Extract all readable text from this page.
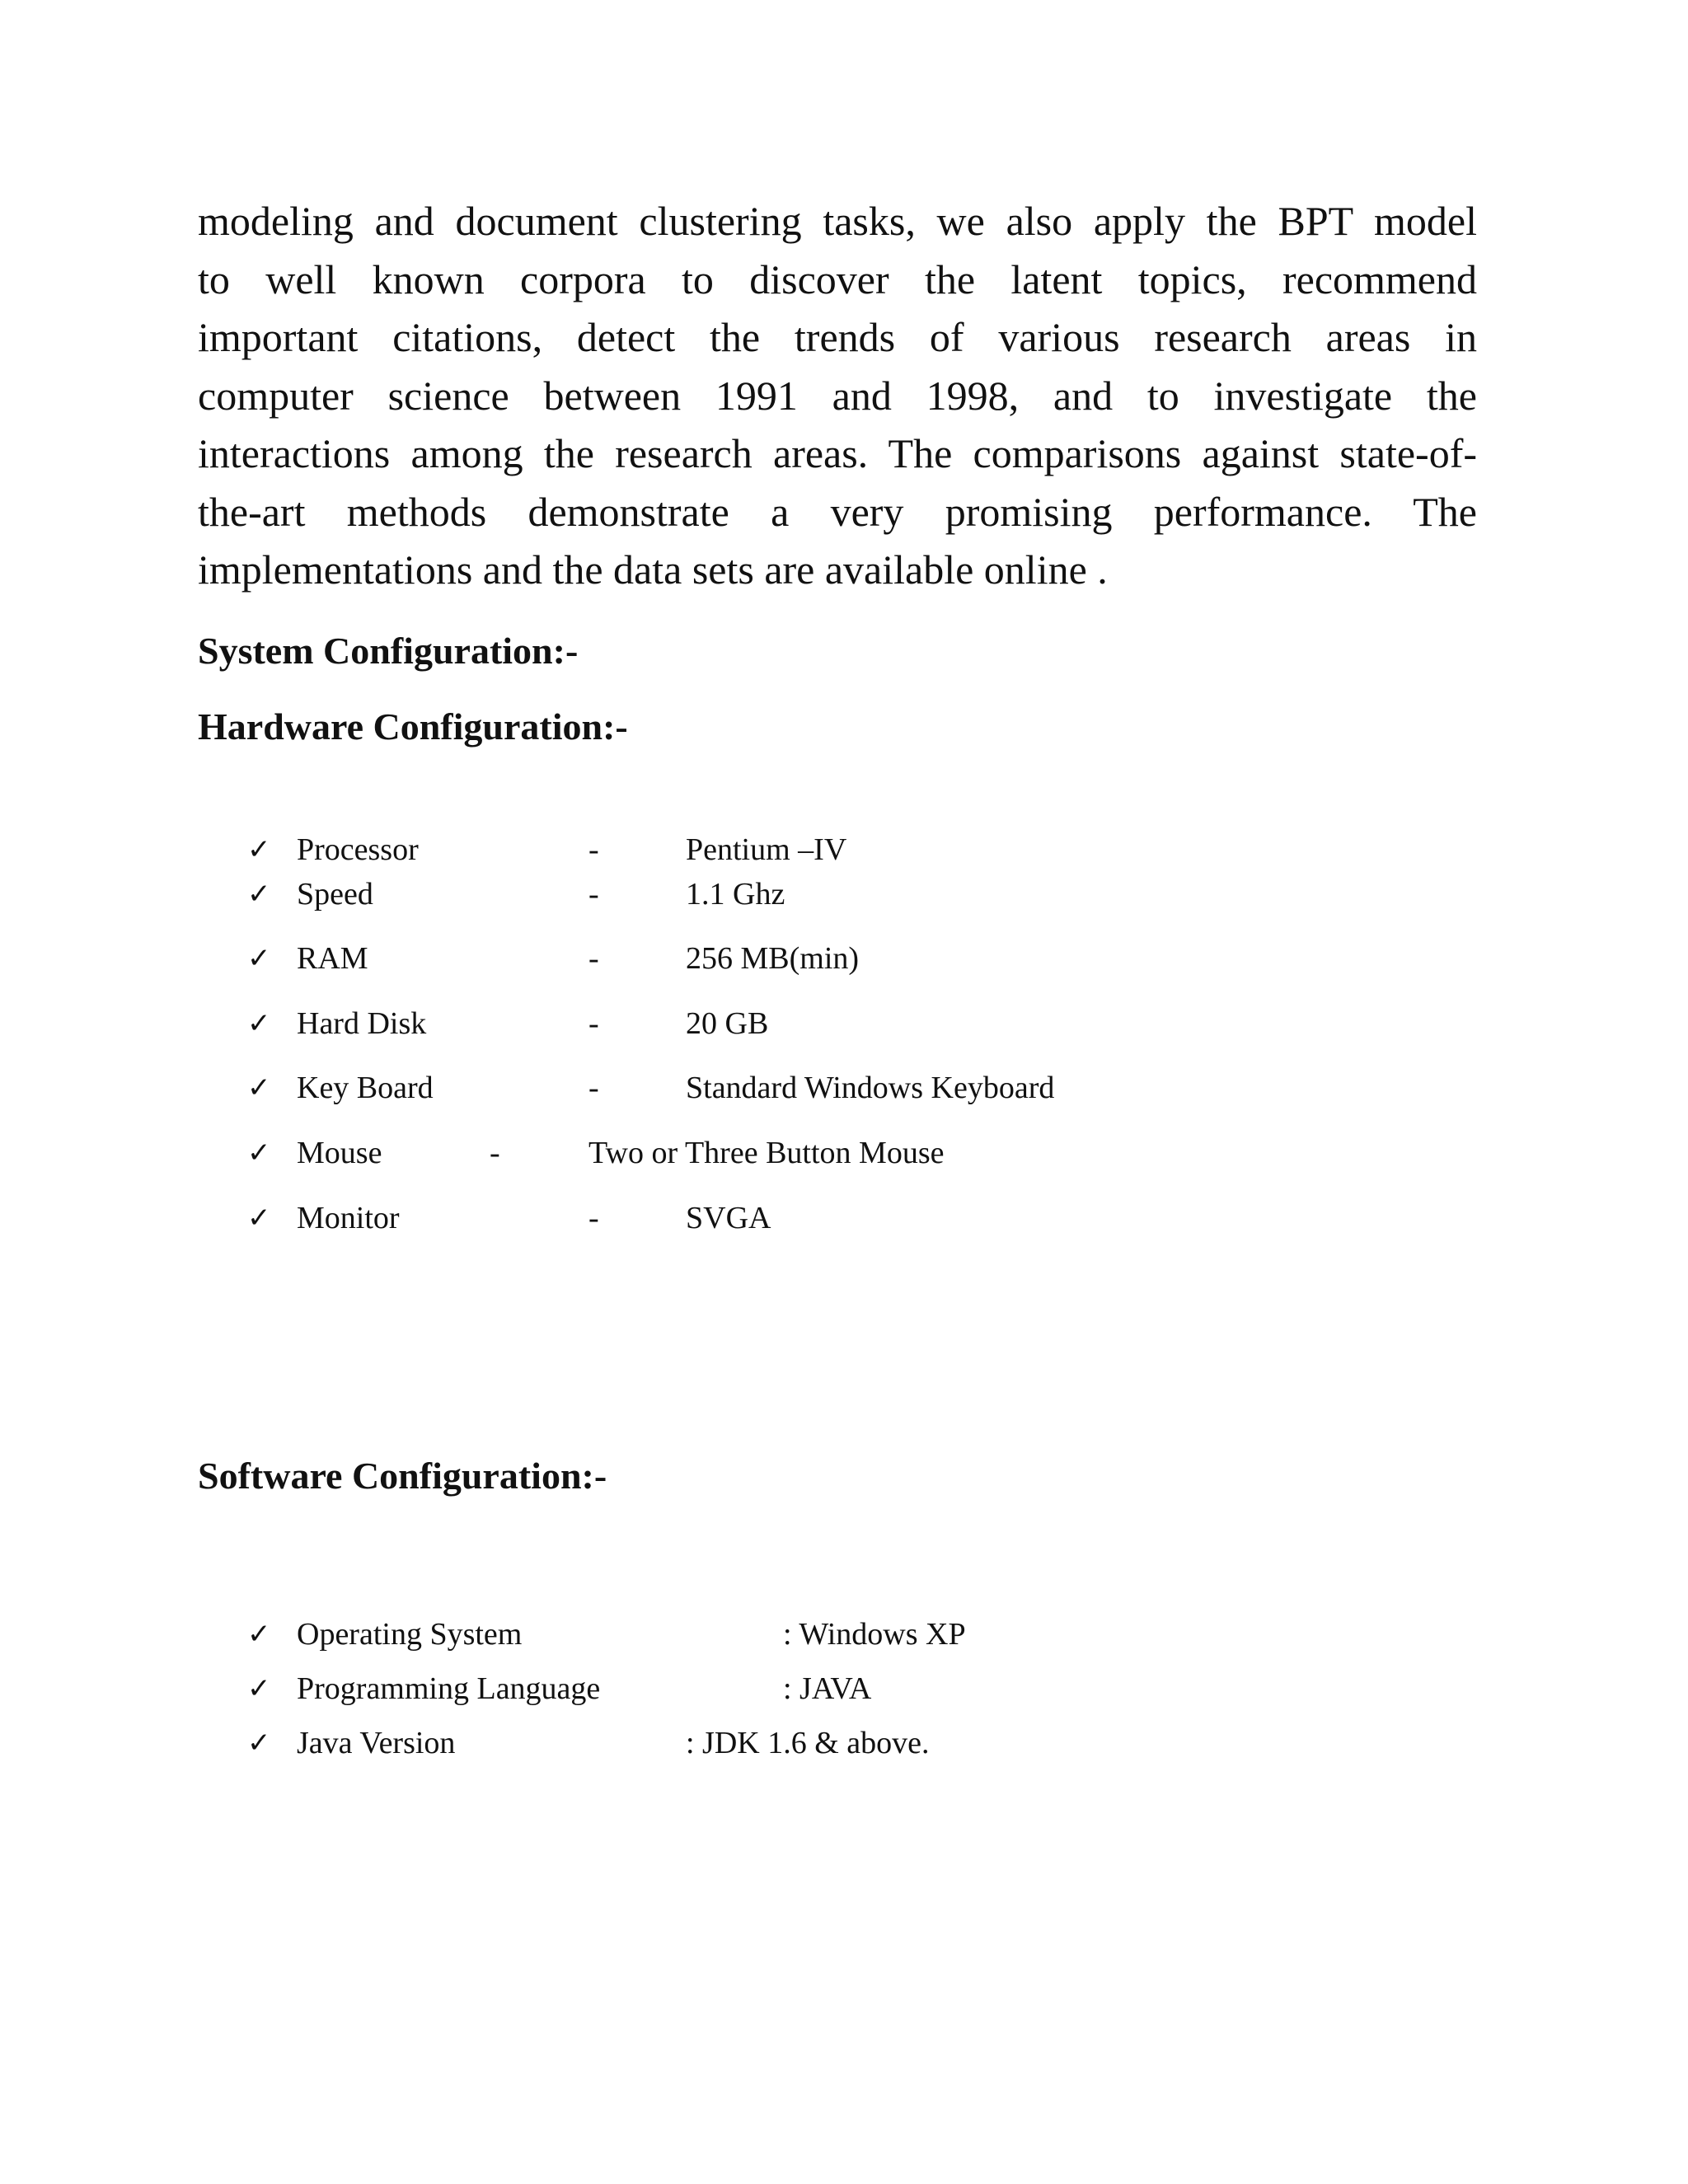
modeling and document clustering tasks, we also apply the BPT model
to well known corpora to discover the latent topics, recommend
important citations, detect the trends of various research areas in
computer science between 1991 and 1998, and to investigate the
interactions among the research areas. The comparisons against state-of-
the-art methods demonstrate a very promising performance. The
implementations and the data sets are available online .
System Configuration:-
Hardware Configuration:-
✓ Processor	-	Pentium –IV
✓ Speed	-	1.1 Ghz
✓ RAM	-	256 MB(min)
✓ Hard Disk	-	20 GB
✓ Key Board	-	Standard Windows Keyboard
✓ Mouse	-	Two or Three Button Mouse
✓ Monitor	-	SVGA
Software Configuration:-
✓ Operating System	: Windows XP
✓ Programming Language	: JAVA
✓ Java Version	: JDK 1.6 & above.
